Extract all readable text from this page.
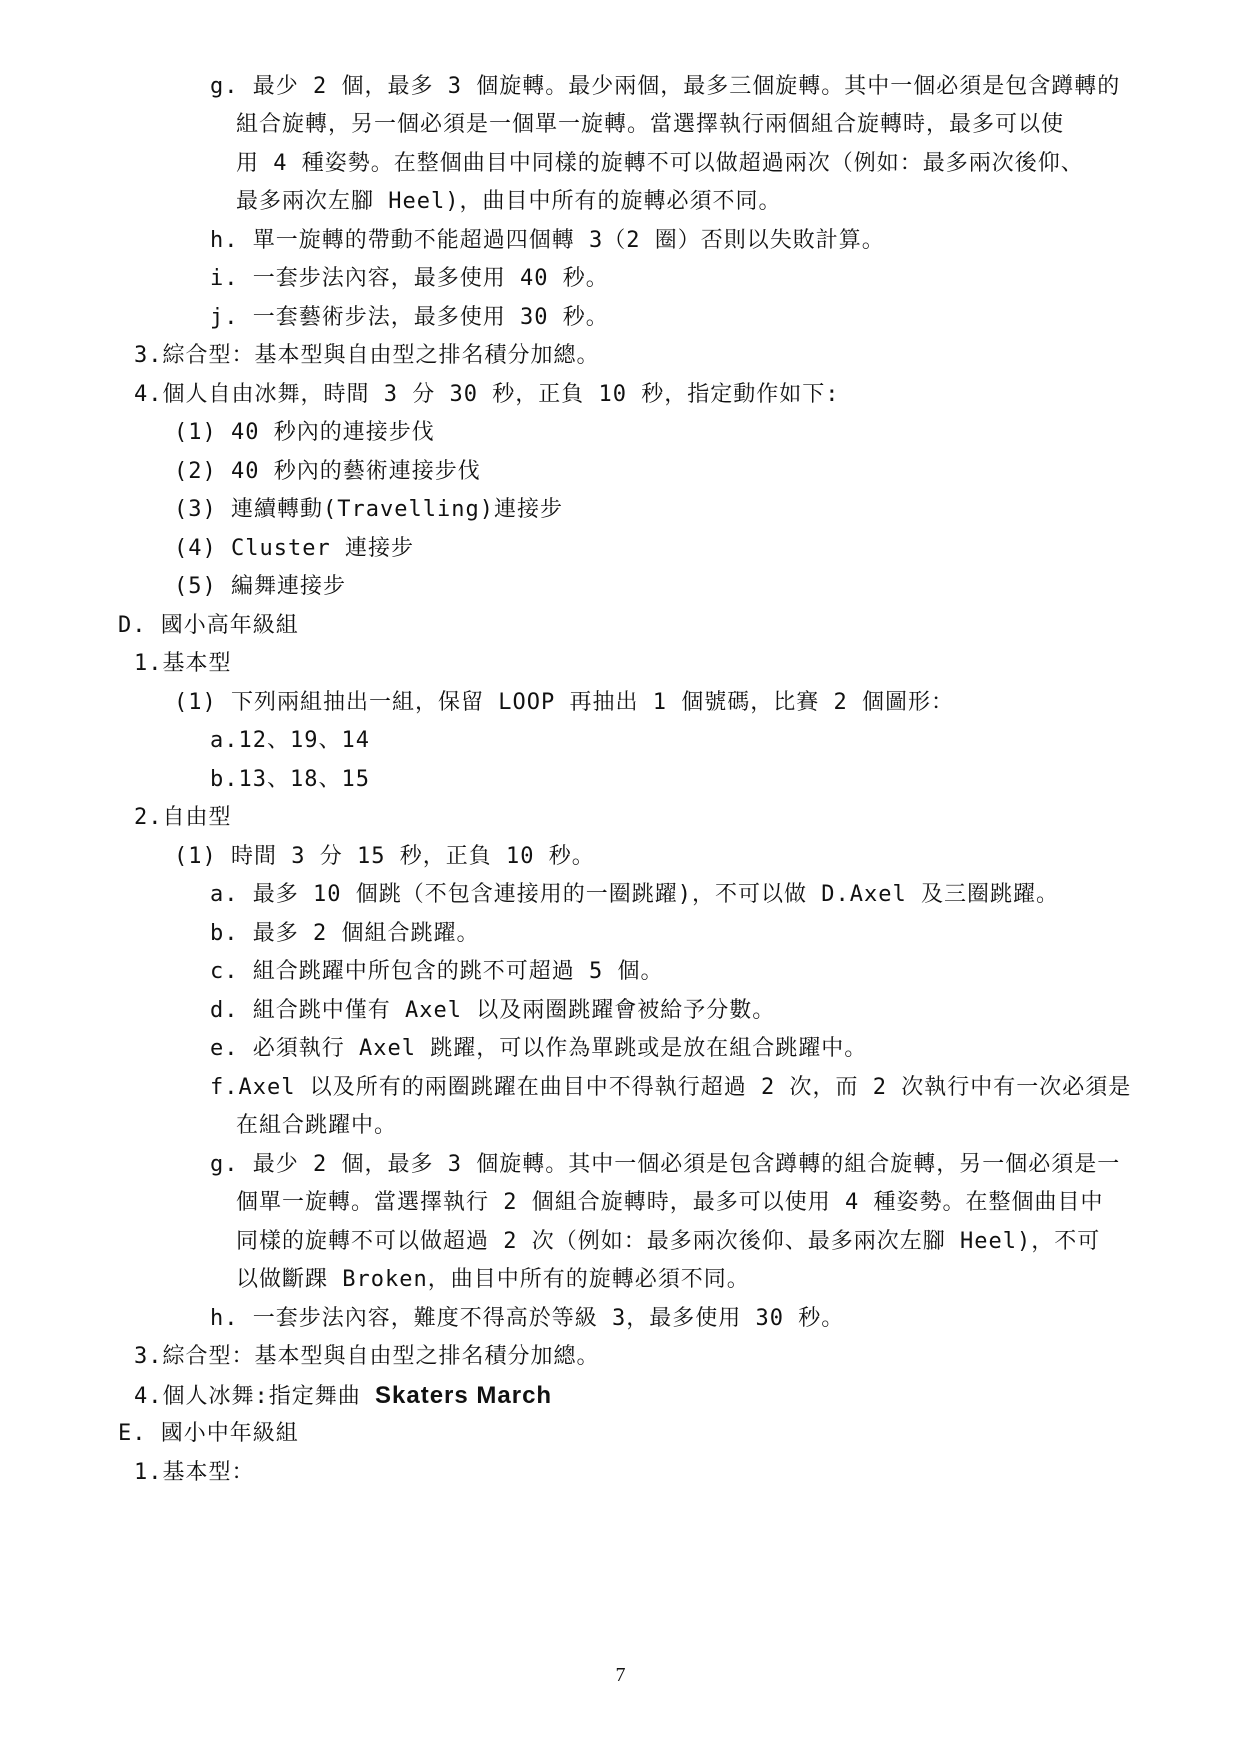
g. 最少 2 個，最多 3 個旋轉。最少兩個，最多三個旋轉。其中一個必須是包含蹲轉的
組合旋轉，另一個必須是一個單一旋轉。當選擇執行兩個組合旋轉時，最多可以使
用 4 種姿勢。在整個曲目中同樣的旋轉不可以做超過兩次（例如：最多兩次後仰、
最多兩次左腳 Heel)，曲目中所有的旋轉必須不同。
h. 單一旋轉的帶動不能超過四個轉 3（2 圈）否則以失敗計算。
i. 一套步法內容，最多使用 40 秒。
j. 一套藝術步法，最多使用 30 秒。
3.綜合型：基本型與自由型之排名積分加總。
4.個人自由冰舞，時間 3 分 30 秒，正負 10 秒，指定動作如下:
(1) 40 秒內的連接步伐
(2) 40 秒內的藝術連接步伐
(3) 連續轉動(Travelling)連接步
(4) Cluster 連接步
(5) 編舞連接步
D. 國小高年級組
1.基本型
(1) 下列兩組抽出一組，保留 LOOP 再抽出 1 個號碼，比賽 2 個圖形：
a.12、19、14
b.13、18、15
2.自由型
(1) 時間 3 分 15 秒，正負 10 秒。
a. 最多 10 個跳（不包含連接用的一圈跳躍)，不可以做 D.Axel 及三圈跳躍。
b. 最多 2 個組合跳躍。
c. 組合跳躍中所包含的跳不可超過 5 個。
d. 組合跳中僅有 Axel 以及兩圈跳躍會被給予分數。
e. 必須執行 Axel 跳躍，可以作為單跳或是放在組合跳躍中。
f.Axel 以及所有的兩圈跳躍在曲目中不得執行超過 2 次，而 2 次執行中有一次必須是
在組合跳躍中。
g. 最少 2 個，最多 3 個旋轉。其中一個必須是包含蹲轉的組合旋轉，另一個必須是一
個單一旋轉。當選擇執行 2 個組合旋轉時，最多可以使用 4 種姿勢。在整個曲目中
同樣的旋轉不可以做超過 2 次（例如：最多兩次後仰、最多兩次左腳 Heel)，不可
以做斷踝 Broken，曲目中所有的旋轉必須不同。
h. 一套步法內容，難度不得高於等級 3，最多使用 30 秒。
3.綜合型：基本型與自由型之排名積分加總。
4.個人冰舞:指定舞曲 Skaters March
E. 國小中年級組
1.基本型：
7
